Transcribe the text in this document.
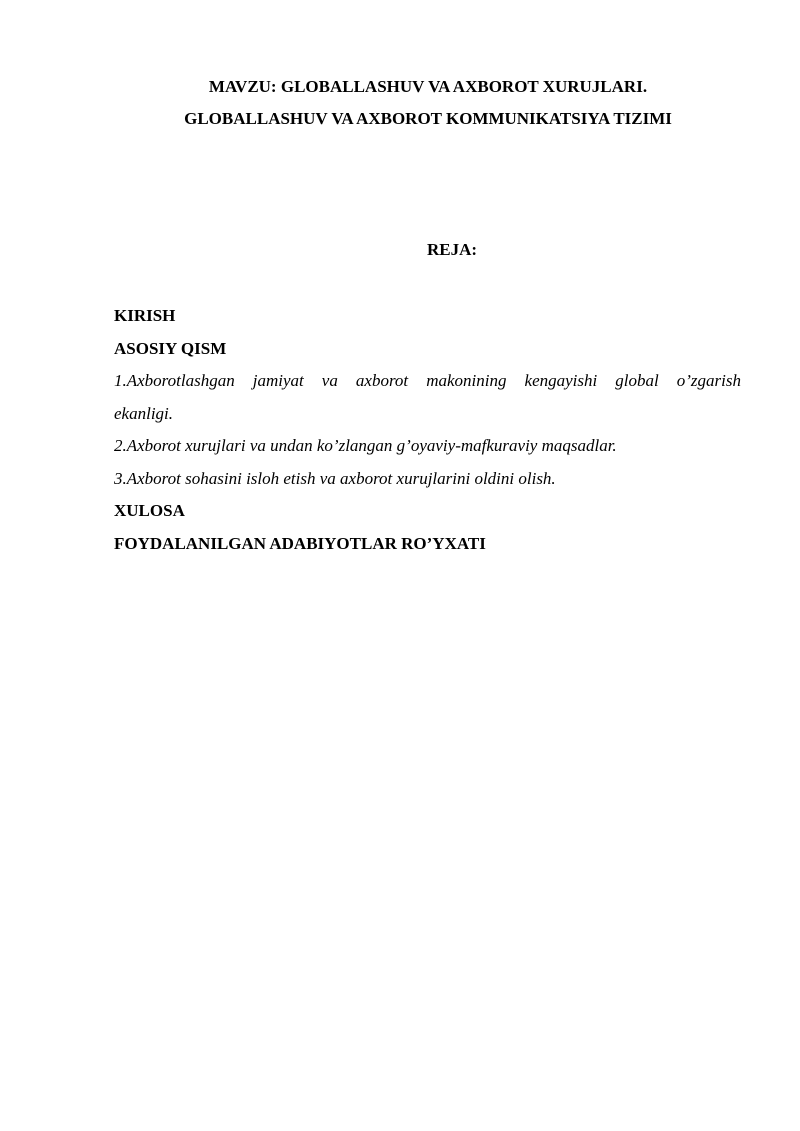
MAVZU: GLOBALLASHUV VA AXBOROT XURUJLARI.
GLOBALLASHUV VA AXBOROT KOMMUNIKATSIYA TIZIMI
REJA:
KIRISH
ASOSIY QISM
1.Axborotlashgan jamiyat va axborot makonining kengayishi global o’zgarish
ekanligi.
2.Axborot xurujlari va undan ko’zlangan g’oyaviy-mafkuraviy maqsadlar.
3.Axborot sohasini isloh etish va axborot xurujlarini oldini olish.
XULOSA
FOYDALANILGAN ADABIYOTLAR RO’YXATI
